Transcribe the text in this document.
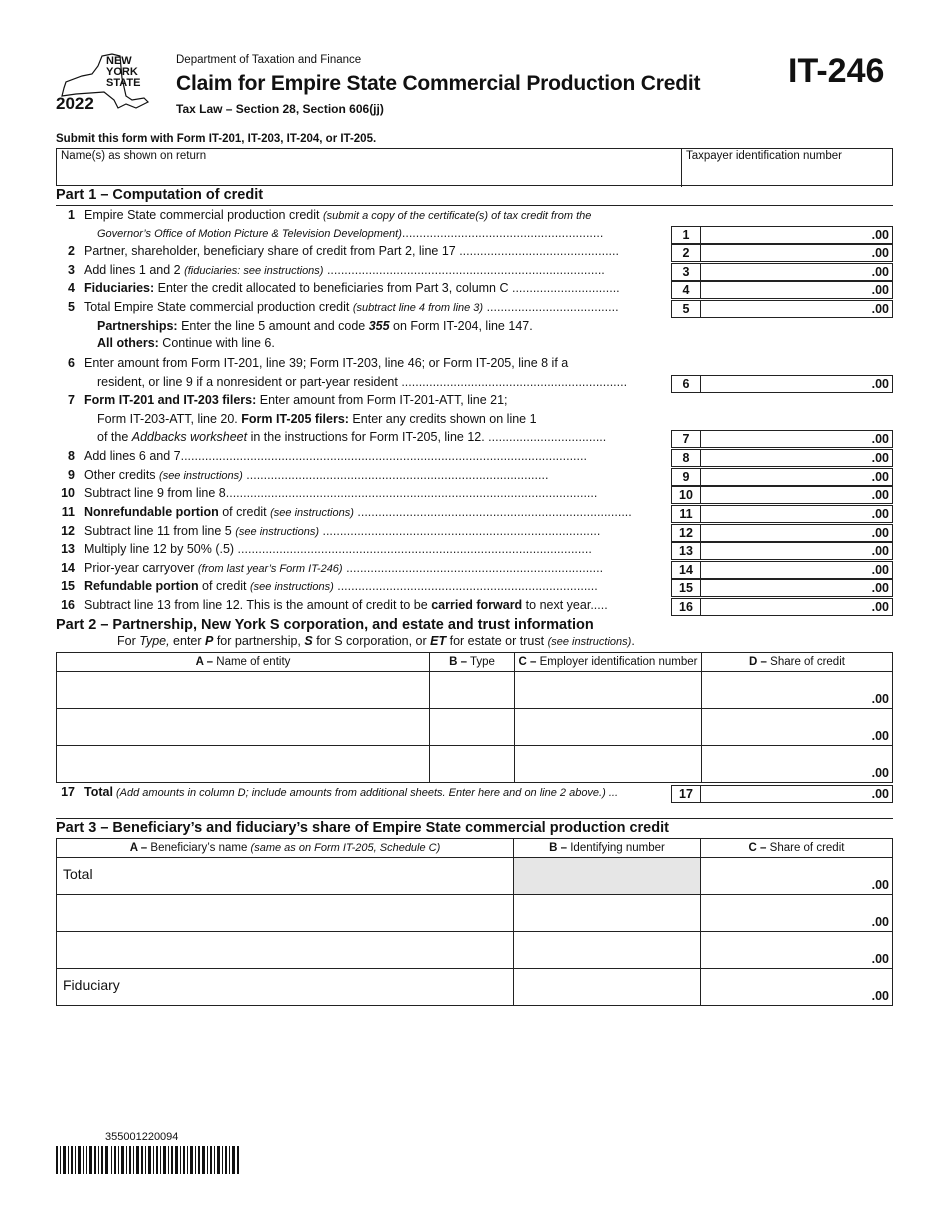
NEW YORK STATE
2022
Department of Taxation and Finance
Claim for Empire State Commercial Production Credit
Tax Law – Section 28, Section 606(jj)
IT-246
Submit this form with Form IT-201, IT-203, IT-204, or IT-205.
Name(s) as shown on return	Taxpayer identification number
Part 1 – Computation of credit
1 Empire State commercial production credit (submit a copy of the certificate(s) of tax credit from the
Governor’s Office of Motion Picture & Television Development)..........................................................	1	.00
2 Partner, shareholder, beneficiary share of credit from Part 2, line 17 ..............................................	2	.00
3 Add lines 1 and 2 (fiduciaries: see instructions) ................................................................................	3	.00
4 Fiduciaries: Enter the credit allocated to beneficiaries from Part 3, column C ...............................	4	.00
5 Total Empire State commercial production credit (subtract line 4 from line 3) ......................................	5	.00
Partnerships: Enter the line 5 amount and code 355 on Form IT-204, line 147.
All others: Continue with line 6.
6 Enter amount from Form IT-201, line 39; Form IT-203, line 46; or Form IT-205, line 8 if a
resident, or line 9 if a nonresident or part-year resident .................................................................	6	.00
7 Form IT-201 and IT-203 filers: Enter amount from Form IT-201-ATT, line 21;
Form IT-203-ATT, line 20. Form IT-205 filers: Enter any credits shown on line 1
of the Addbacks worksheet in the instructions for Form IT-205, line 12. ..................................	7	.00
8 Add lines 6 and 7.....................................................................................................................	8	.00
9 Other credits (see instructions) .......................................................................................	9	.00
10 Subtract line 9 from line 8...........................................................................................................	10	.00
11 Nonrefundable portion of credit (see instructions) ...............................................................................	11	.00
12 Subtract line 11 from line 5 (see instructions) ................................................................................	12	.00
13 Multiply line 12 by 50% (.5) ......................................................................................................	13	.00
14 Prior-year carryover (from last year’s Form IT-246) ..........................................................................	14	.00
15 Refundable portion of credit (see instructions) ...........................................................................	15	.00
16 Subtract line 13 from line 12. This is the amount of credit to be carried forward to next year.....	16	.00
Part 2 – Partnership, New York S corporation, and estate and trust information
For Type, enter P for partnership, S for S corporation, or ET for estate or trust (see instructions).
A – Name of entity	B – Type	C – Employer identification number	D – Share of credit

			.00

			.00

			.00
17 Total (Add amounts in column D; include amounts from additional sheets. Enter here and on line 2 above.) ...	17	.00
Part 3 – Beneficiary’s and fiduciary’s share of Empire State commercial production credit
A – Beneficiary’s name (same as on Form IT-205, Schedule C)	B – Identifying number	C – Share of credit
Total		.00

		.00

		.00

Fiduciary		.00
355001220094
